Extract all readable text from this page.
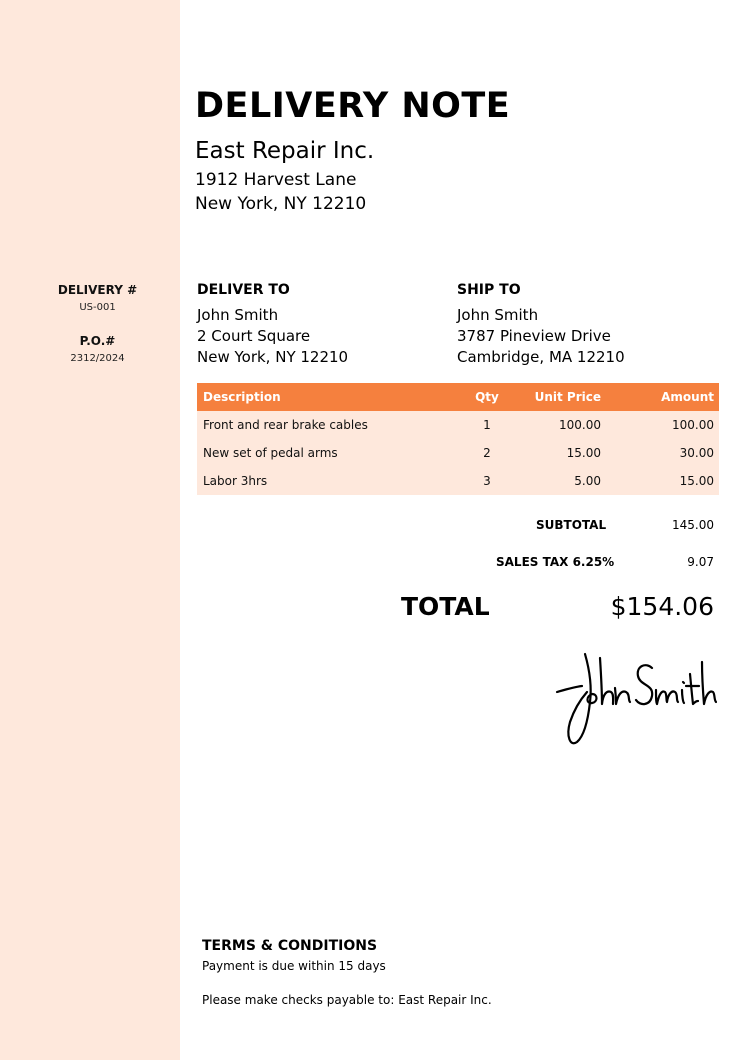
DELIVERY #
US-001
P.O.#
2312/2024
DELIVERY NOTE
East Repair Inc.
1912 Harvest Lane
New York, NY 12210
DELIVER TO
John Smith
2 Court Square
New York, NY 12210
SHIP TO
John Smith
3787 Pineview Drive
Cambridge, MA 12210
Description	Qty	Unit Price	Amount
Front and rear brake cables	1	100.00	100.00
New set of pedal arms	2	15.00	30.00
Labor 3hrs	3	5.00	15.00
SUBTOTAL	145.00
SALES TAX 6.25%	9.07
TOTAL	$154.06
TERMS & CONDITIONS
Payment is due within 15 days
Please make checks payable to: East Repair Inc.
